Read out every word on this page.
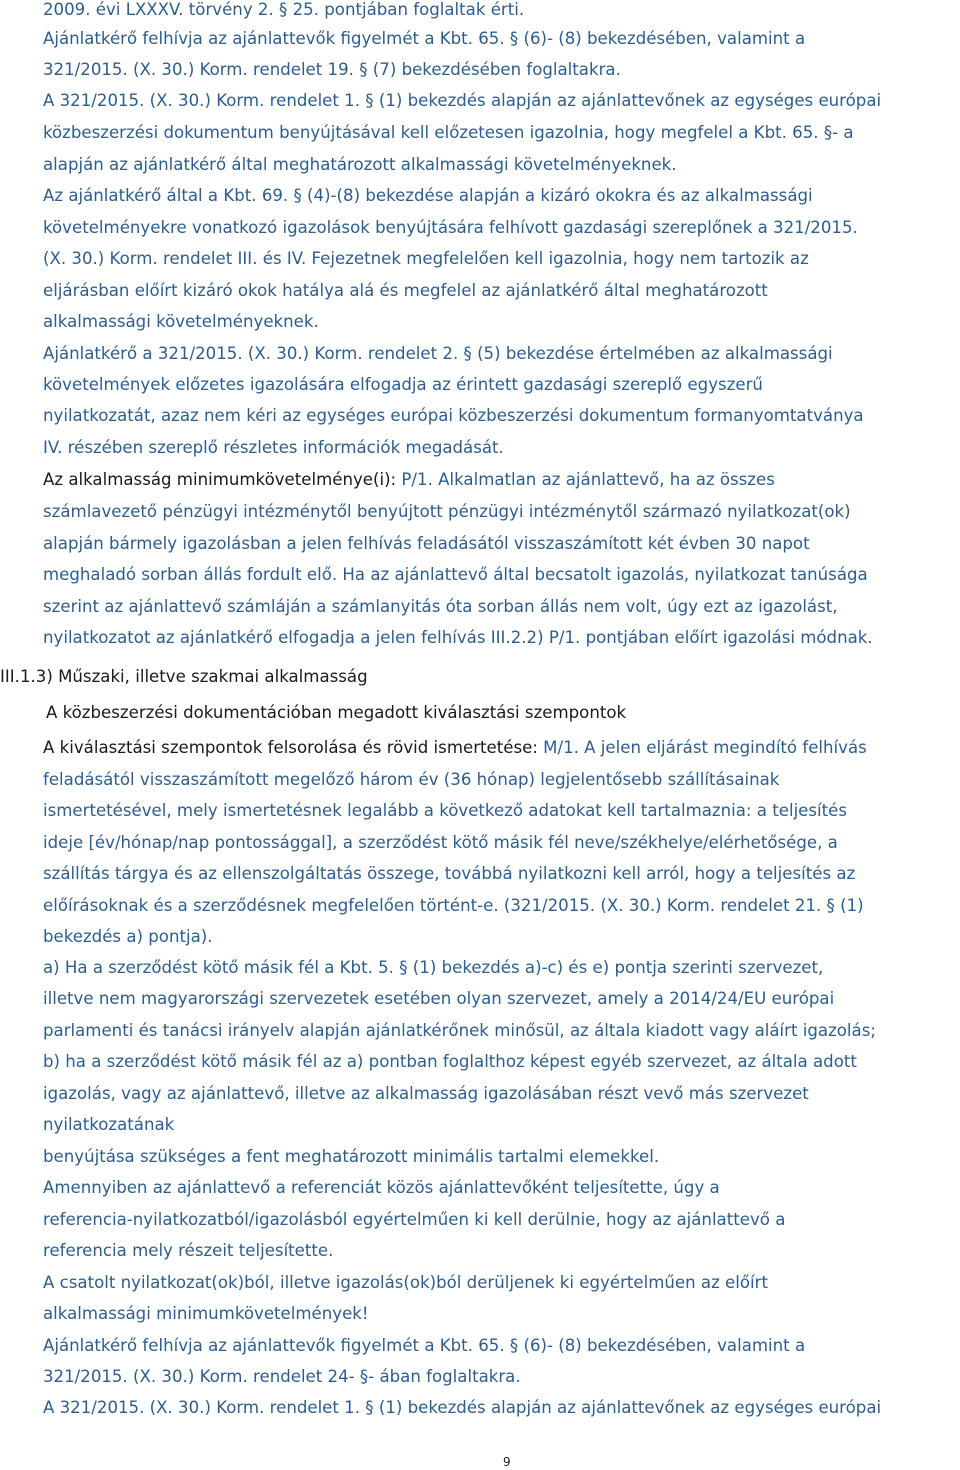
2009. évi LXXXV. törvény 2. § 25. pontjában foglaltak érti.
Ajánlatkérő felhívja az ajánlattevők figyelmét a Kbt. 65. § (6)- (8) bekezdésében, valamint a
321/2015. (X. 30.) Korm. rendelet 19. § (7) bekezdésében foglaltakra.
A 321/2015. (X. 30.) Korm. rendelet 1. § (1) bekezdés alapján az ajánlattevőnek az egységes európai
közbeszerzési dokumentum benyújtásával kell előzetesen igazolnia, hogy megfelel a Kbt. 65. §- a
alapján az ajánlatkérő által meghatározott alkalmassági követelményeknek.
Az ajánlatkérő által a Kbt. 69. § (4)-(8) bekezdése alapján a kizáró okokra és az alkalmassági
követelményekre vonatkozó igazolások benyújtására felhívott gazdasági szereplőnek a 321/2015.
(X. 30.) Korm. rendelet III. és IV. Fejezetnek megfelelően kell igazolnia, hogy nem tartozik az
eljárásban előírt kizáró okok hatálya alá és megfelel az ajánlatkérő által meghatározott
alkalmassági követelményeknek.
Ajánlatkérő a 321/2015. (X. 30.) Korm. rendelet 2. § (5) bekezdése értelmében az alkalmassági
követelmények előzetes igazolására elfogadja az érintett gazdasági szereplő egyszerű
nyilatkozatát, azaz nem kéri az egységes európai közbeszerzési dokumentum formanyomtatványa
IV. részében szereplő részletes információk megadását.
Az alkalmasság minimumkövetelménye(i): P/1. Alkalmatlan az ajánlattevő, ha az összes
számlavezető pénzügyi intézménytől benyújtott pénzügyi intézménytől származó nyilatkozat(ok)
alapján bármely igazolásban a jelen felhívás feladásától visszaszámított két évben 30 napot
meghaladó sorban állás fordult elő. Ha az ajánlattevő által becsatolt igazolás, nyilatkozat tanúsága
szerint az ajánlattevő számláján a számlanyitás óta sorban állás nem volt, úgy ezt az igazolást,
nyilatkozatot az ajánlatkérő elfogadja a jelen felhívás III.2.2) P/1. pontjában előírt igazolási módnak.
III.1.3) Műszaki, illetve szakmai alkalmasság
A közbeszerzési dokumentációban megadott kiválasztási szempontok
A kiválasztási szempontok felsorolása és rövid ismertetése: M/1. A jelen eljárást megindító felhívás
feladásától visszaszámított megelőző három év (36 hónap) legjelentősebb szállításainak
ismertetésével, mely ismertetésnek legalább a következő adatokat kell tartalmaznia: a teljesítés
ideje [év/hónap/nap pontossággal], a szerződést kötő másik fél neve/székhelye/elérhetősége, a
szállítás tárgya és az ellenszolgáltatás összege, továbbá nyilatkozni kell arról, hogy a teljesítés az
előírásoknak és a szerződésnek megfelelően történt-e. (321/2015. (X. 30.) Korm. rendelet 21. § (1)
bekezdés a) pontja).
a) Ha a szerződést kötő másik fél a Kbt. 5. § (1) bekezdés a)-c) és e) pontja szerinti szervezet,
illetve nem magyarországi szervezetek esetében olyan szervezet, amely a 2014/24/EU európai
parlamenti és tanácsi irányelv alapján ajánlatkérőnek minősül, az általa kiadott vagy aláírt igazolás;
b) ha a szerződést kötő másik fél az a) pontban foglalthoz képest egyéb szervezet, az általa adott
igazolás, vagy az ajánlattevő, illetve az alkalmasság igazolásában részt vevő más szervezet
nyilatkozatának
benyújtása szükséges a fent meghatározott minimális tartalmi elemekkel.
Amennyiben az ajánlattevő a referenciát közös ajánlattevőként teljesítette, úgy a
referencia-nyilatkozatból/igazolásból egyértelműen ki kell derülnie, hogy az ajánlattevő a
referencia mely részeit teljesítette.
A csatolt nyilatkozat(ok)ból, illetve igazolás(ok)ból derüljenek ki egyértelműen az előírt
alkalmassági minimumkövetelmények!
Ajánlatkérő felhívja az ajánlattevők figyelmét a Kbt. 65. § (6)- (8) bekezdésében, valamint a
321/2015. (X. 30.) Korm. rendelet 24- §- ában foglaltakra.
A 321/2015. (X. 30.) Korm. rendelet 1. § (1) bekezdés alapján az ajánlattevőnek az egységes európai
9
